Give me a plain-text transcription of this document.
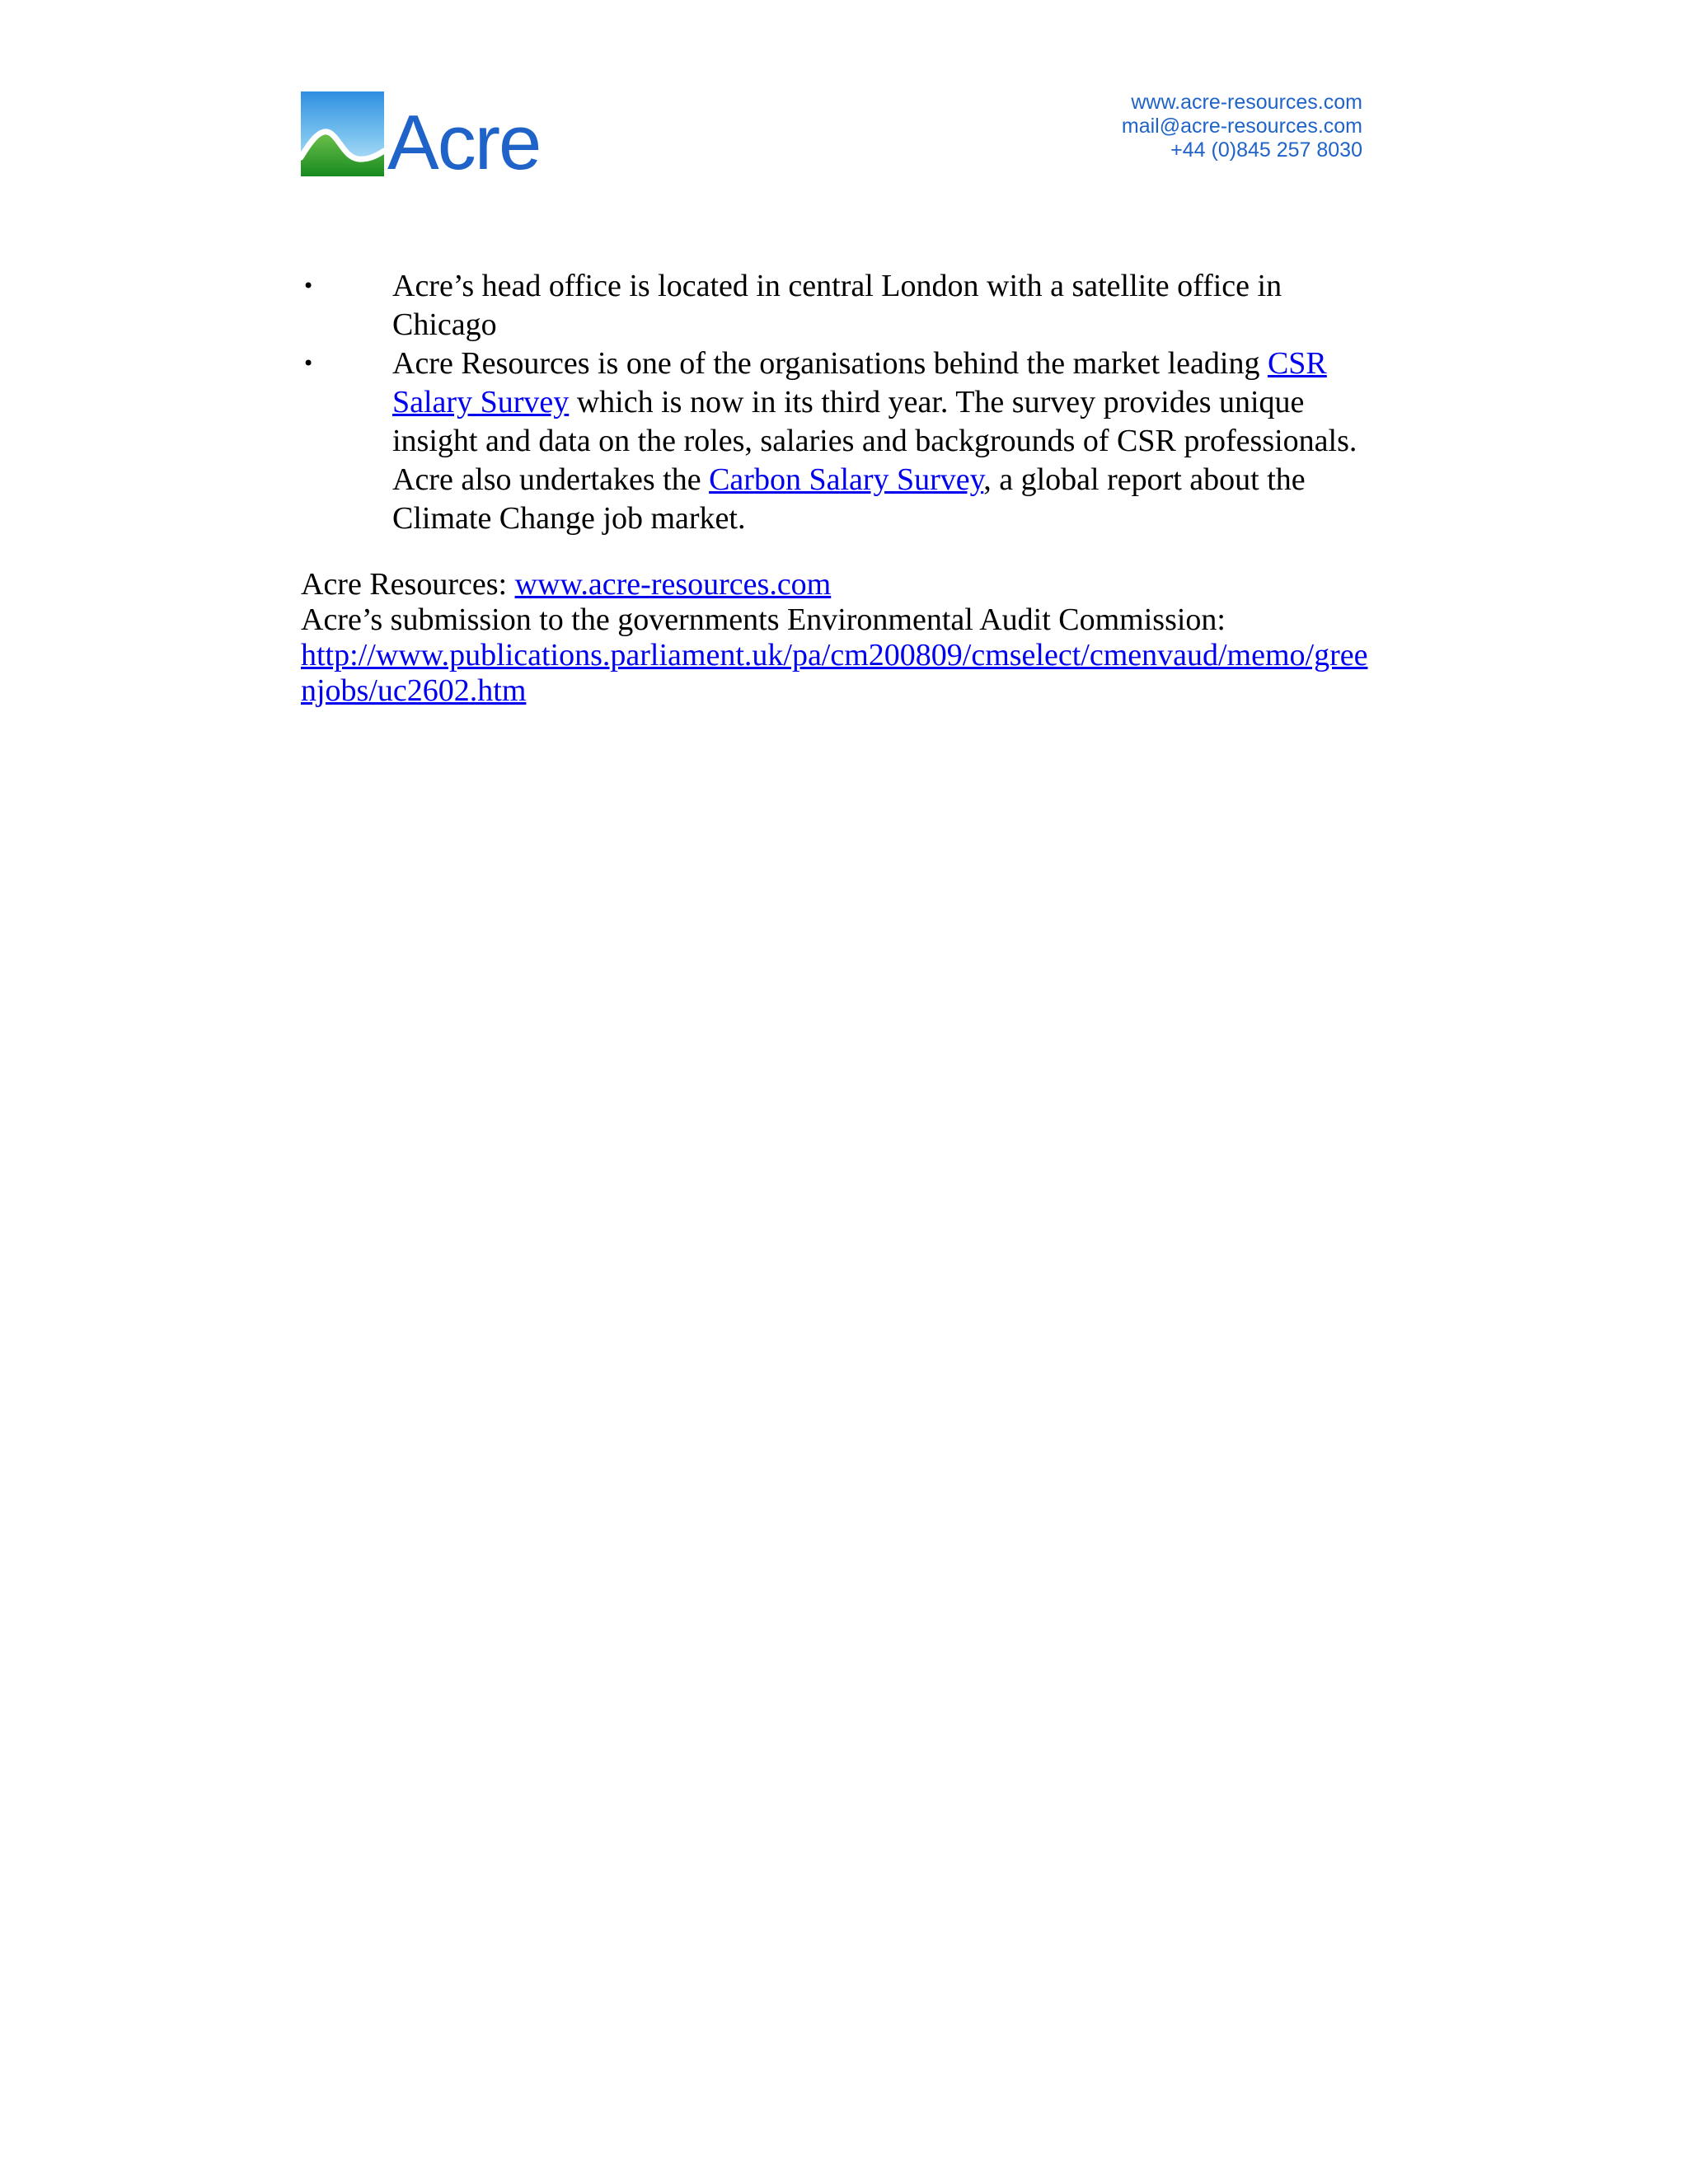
Acre	www.acre-resources.com
mail@acre-resources.com
+44 (0)845 257 8030
• Acre’s head office is located in central London with a satellite office in Chicago
• Acre Resources is one of the organisations behind the market leading CSR Salary Survey which is now in its third year. The survey provides unique insight and data on the roles, salaries and backgrounds of CSR professionals. Acre also undertakes the Carbon Salary Survey, a global report about the Climate Change job market.

Acre Resources: www.acre-resources.com

Acre’s submission to the governments Environmental Audit Commission:

http://www.publications.parliament.uk/pa/cm200809/cmselect/cmenvaud/memo/greenjobs/uc2602.htm
